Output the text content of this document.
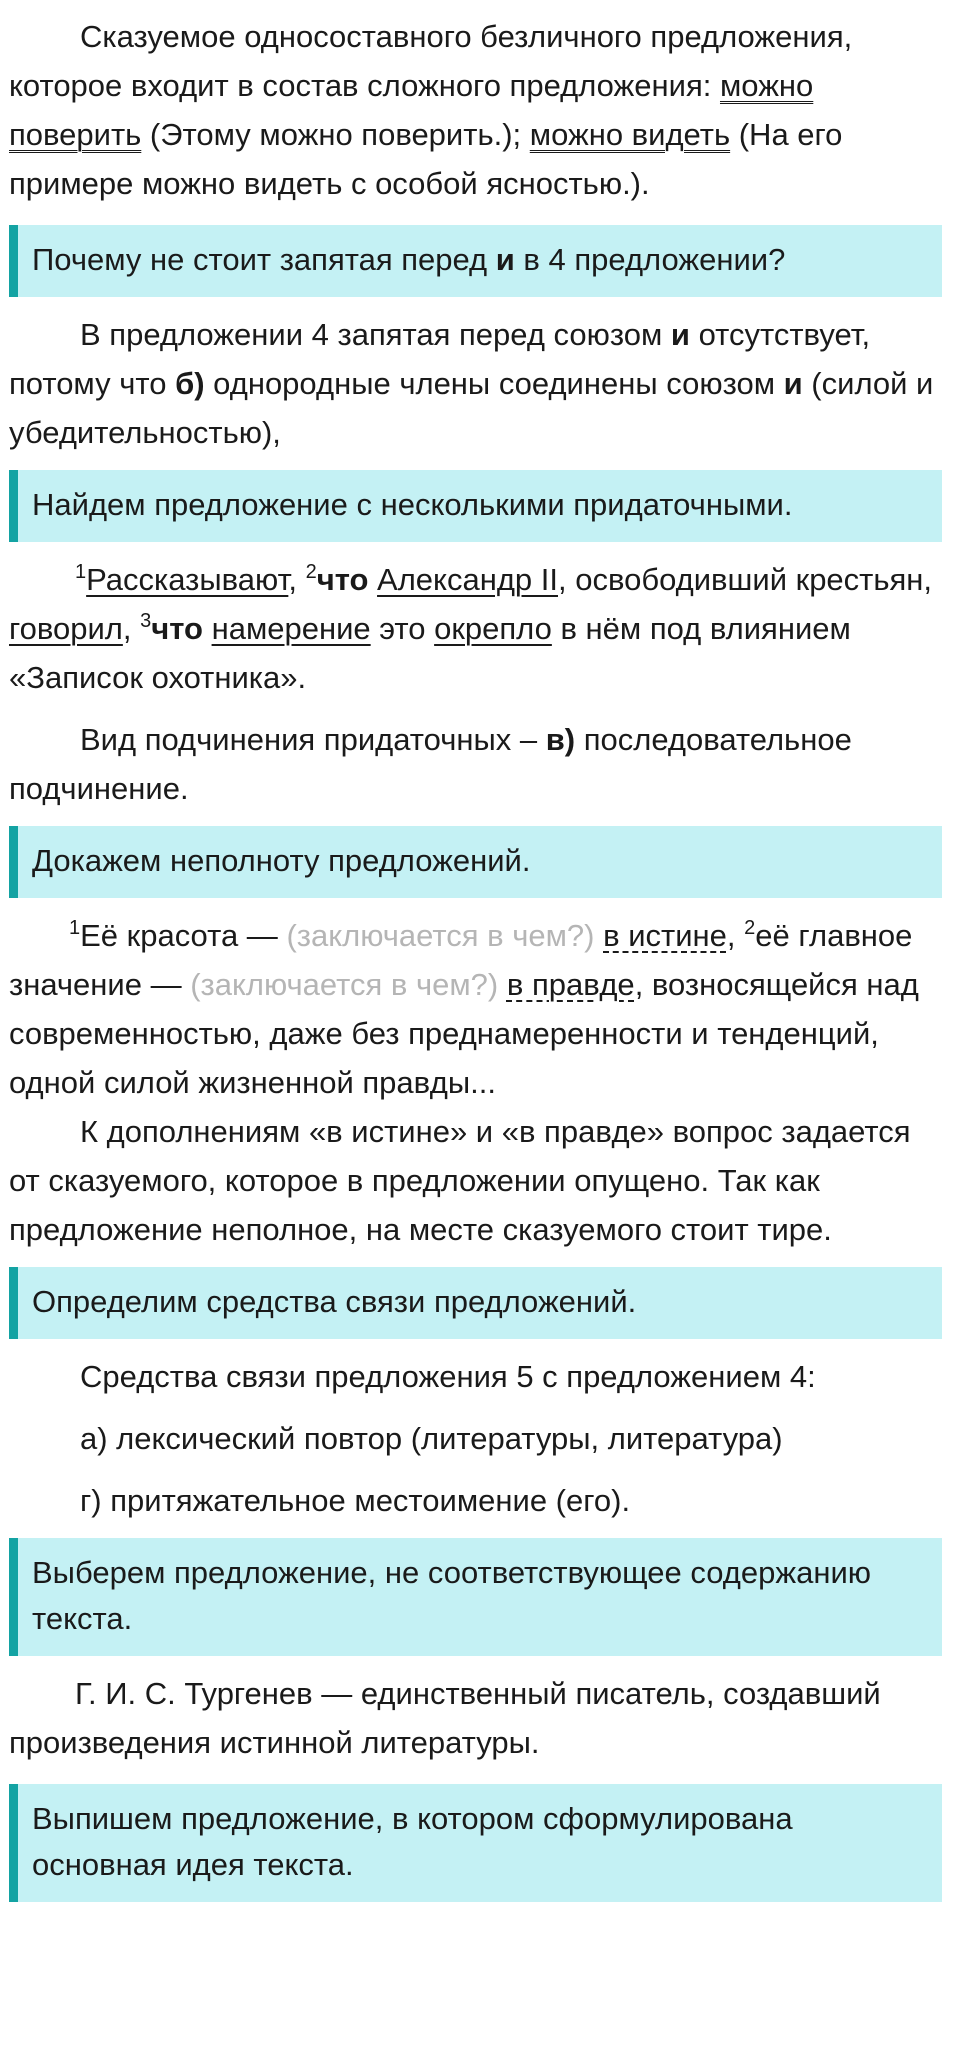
Сказуемое односоставного безличного предложения, которое входит в состав сложного предложения: можно поверить (Этому можно поверить.); можно видеть (На его примере можно видеть с особой ясностью.).

Почему не стоит запятая перед и в 4 предложении?

В предложении 4 запятая перед союзом и отсутствует, потому что б) однородные члены соединены союзом и (силой и убедительностью),

Найдем предложение с несколькими придаточными.

$^1$Рассказывают, $^2$что Александр II, освободивший крестьян, говорил, $^3$что намерение это окрепло в нём под влиянием «Записок охотника».

Вид подчинения придаточных – в) последовательное подчинение.

Докажем неполноту предложений.

$^1$Её красота — (заключается в чем?) в истине, $^2$её главное значение — (заключается в чем?) в правде, возносящейся над современностью, даже без преднамеренности и тенденций, одной силой жизненной правды...

К дополнениям «в истине» и «в правде» вопрос задается от сказуемого, которое в предложении опущено. Так как предложение неполное, на месте сказуемого стоит тире.

Определим средства связи предложений.

Средства связи предложения 5 с предложением 4:

а) лексический повтор (литературы, литература)

г) притяжательное местоимение (его).

Выберем предложение, не соответствующее содержанию текста.

Г. И. С. Тургенев — единственный писатель, создавший произведения истинной литературы.

Выпишем предложение, в котором сформулирована основная идея текста.
